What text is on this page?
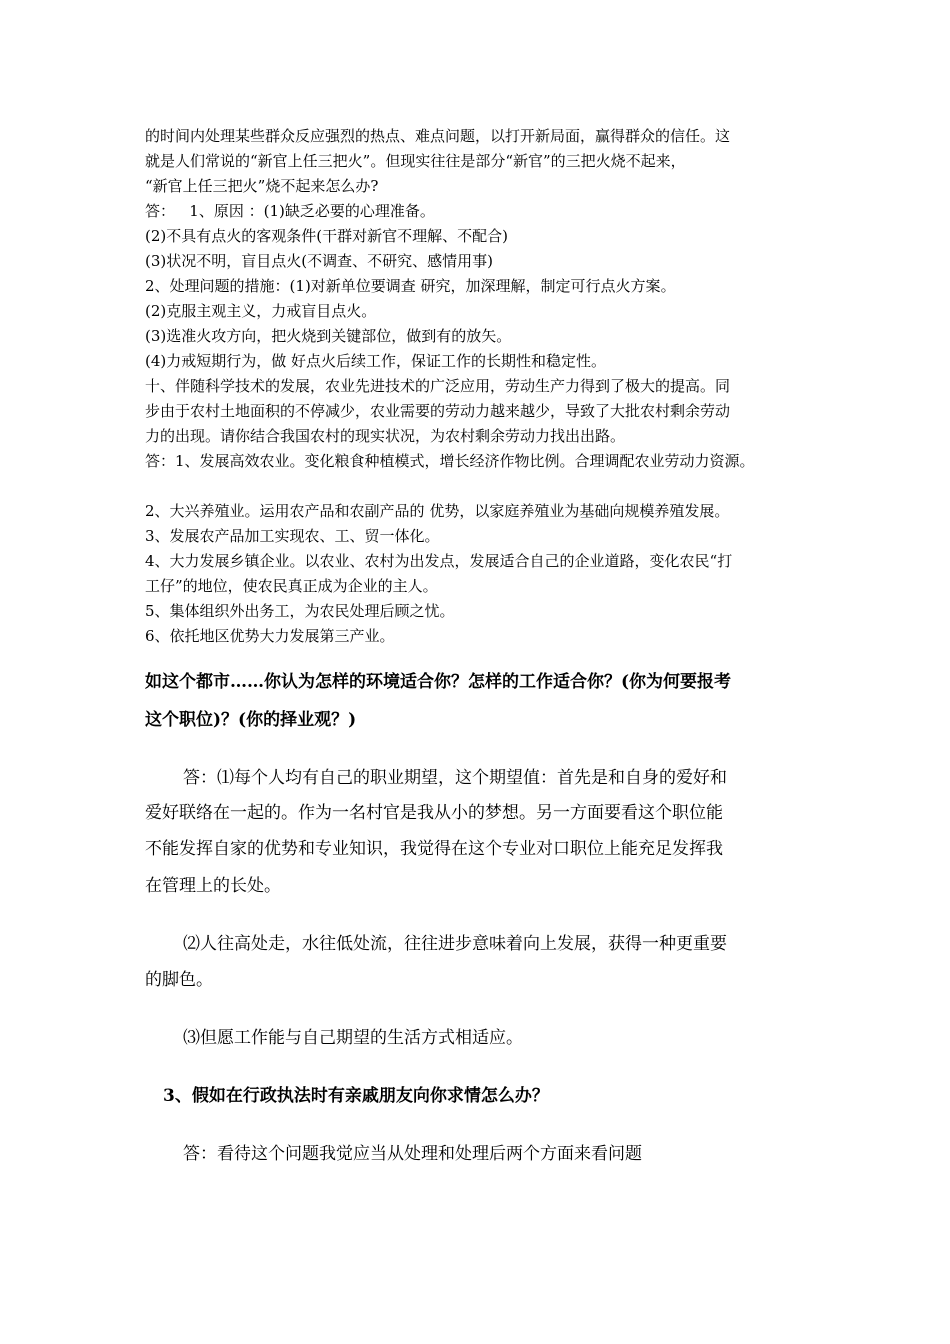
的时间内处理某些群众反应强烈的热点、难点问题，以打开新局面，赢得群众的信任。这
就是人们常说的“新官上任三把火”。但现实往往是部分“新官”的三把火烧不起来，
“新官上任三把火”烧不起来怎么办?
答：   1、原因 ：(1)缺乏必要的心理准备。
(2)不具有点火的客观条件(干群对新官不理解、不配合)
(3)状况不明，盲目点火(不调查、不研究、感情用事)
2、处理问题的措施：(1)对新单位要调查 研究，加深理解，制定可行点火方案。
(2)克服主观主义，力戒盲目点火。
(3)选准火攻方向，把火烧到关键部位，做到有的放矢。
(4)力戒短期行为，做 好点火后续工作，保证工作的长期性和稳定性。
十、伴随科学技术的发展，农业先进技术的广泛应用，劳动生产力得到了极大的提高。同
步由于农村土地面积的不停减少，农业需要的劳动力越来越少，导致了大批农村剩余劳动
力的出现。请你结合我国农村的现实状况，为农村剩余劳动力找出出路。
答：1、发展高效农业。变化粮食种植模式，增长经济作物比例。合理调配农业劳动力资源。
2、大兴养殖业。运用农产品和农副产品的 优势，以家庭养殖业为基础向规模养殖发展。
3、发展农产品加工实现农、工、贸一体化。
4、大力发展乡镇企业。以农业、农村为出发点，发展适合自己的企业道路，变化农民“打
工仔”的地位，使农民真正成为企业的主人。
5、集体组织外出务工，为农民处理后顾之忧。
6、依托地区优势大力发展第三产业。
如这个都市……你认为怎样的环境适合你？怎样的工作适合你？(你为何要报考
这个职位)？(你的择业观？)
答：⑴每个人均有自己的职业期望，这个期望值：首先是和自身的爱好和
爱好联络在一起的。作为一名村官是我从小的梦想。另一方面要看这个职位能
不能发挥自家的优势和专业知识，我觉得在这个专业对口职位上能充足发挥我
在管理上的长处。
⑵人往高处走，水往低处流，往往进步意味着向上发展，获得一种更重要
的脚色。
⑶但愿工作能与自己期望的生活方式相适应。
3、假如在行政执法时有亲戚朋友向你求情怎么办？
答：看待这个问题我觉应当从处理和处理后两个方面来看问题
